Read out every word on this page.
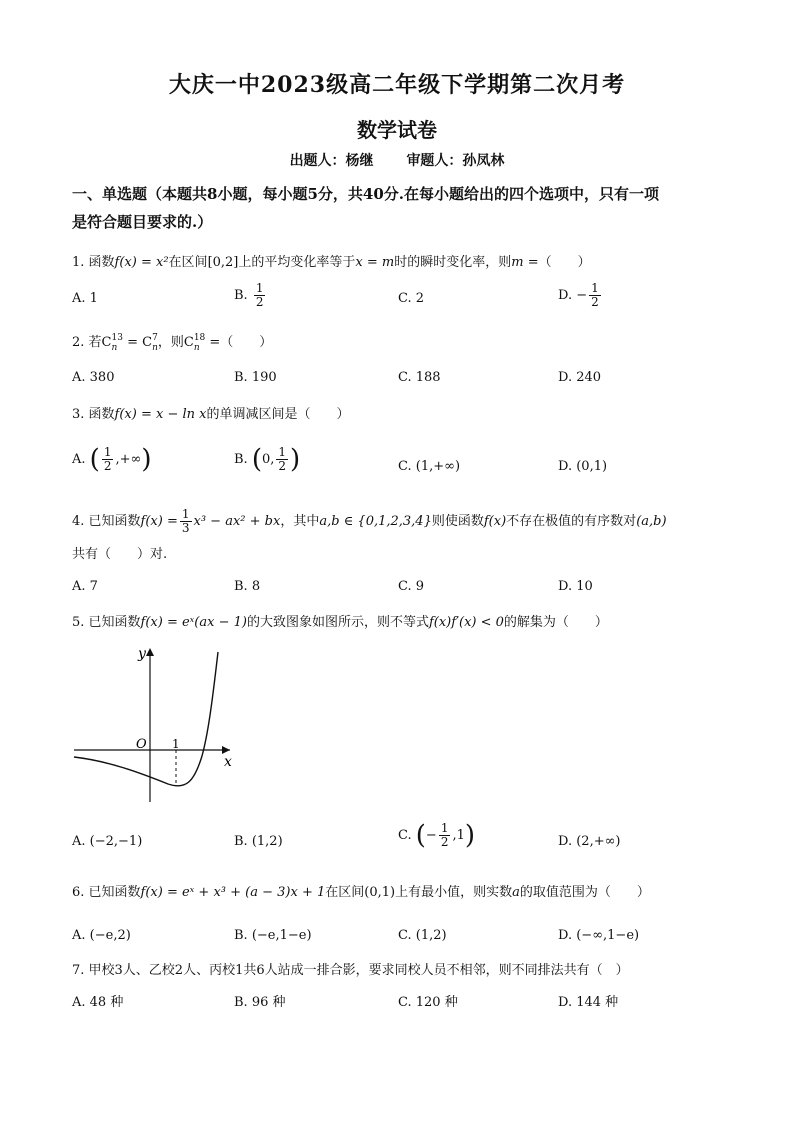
大庆一中2023级高二年级下学期第二次月考
数学试卷
出题人：杨继 审题人：孙凤林
一、单选题（本题共8小题，每小题5分，共40分.在每小题给出的四个选项中，只有一项
是符合题目要求的.）
1. 函数f(x) = x²在区间[0,2]上的平均变化率等于x = m时的瞬时变化率，则m =（　　）
A. 1	B. $\frac{1}{2}$	C. 2	D. − $\frac{1}{2}$
2. 若C 13
n = C 7
n ，则C 18
n =（　　）
A. 380	B. 190	C. 188	D. 240
3. 函数f(x) = x − ln x的单调减区间是（　　）
A. ( $\frac{1}{2}$ ,+∞)	B. (0, $\frac{1}{2}$ )	C. (1,+∞)	D. (0,1)
4. 已知函数$f(x) = \frac{1}{3} x^3 - ax^2$ + bx，其中a,b ∈ {0,1,2,3,4}则使函数f(x)不存在极值的有序数对(a,b)
共有（　　）对.
A. 7	B. 8	C. 9	D. 10
5. 已知函数f(x) = eˣ(ax − 1)的大致图象如图所示，则不等式f(x)f′(x) < 0的解集为（　　）
y
x
O 1
A. (−2,−1)	B. (1,2)	C. (− $\frac{1}{2} ,1$)	D. (2,+∞)
6. 已知函数f(x) = eˣ + x³ + (a − 3)x + 1在区间(0,1)上有最小值，则实数a的取值范围为（　　）
A. (−e,2)	B. (−e,1−e)	C. (1,2)	D. (−∞,1−e)
7. 甲校3人、乙校2人、丙校1共6人站成一排合影，要求同校人员不相邻，则不同排法共有（　）
A. 48 种	B. 96 种	C. 120 种	D. 144 种
